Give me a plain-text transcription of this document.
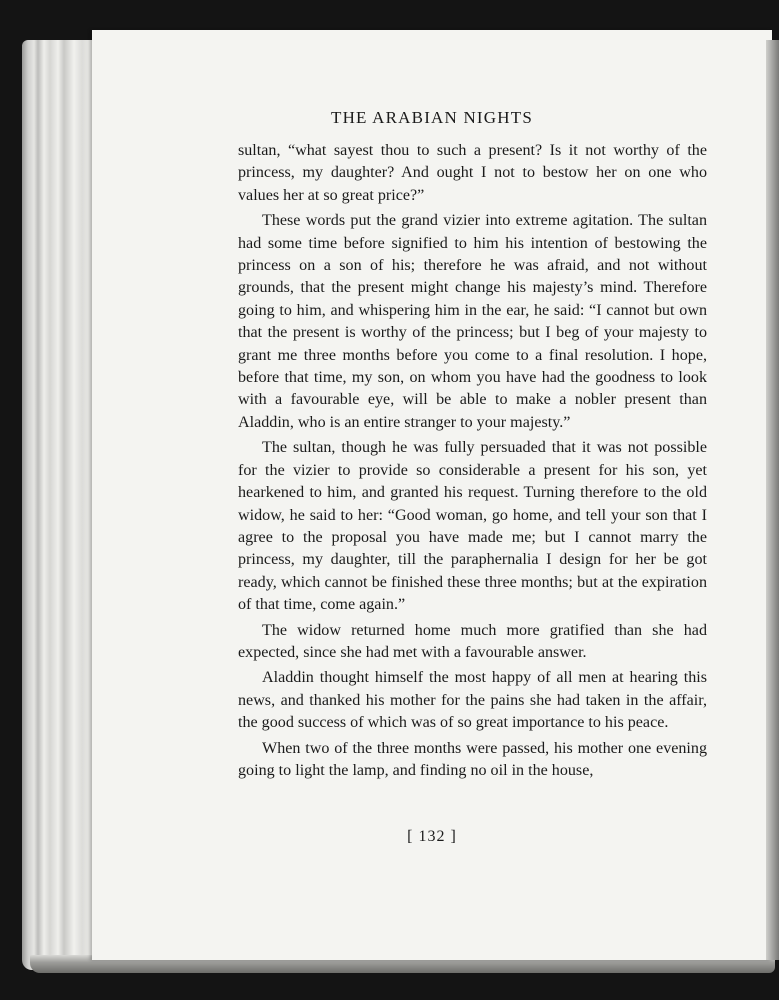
THE ARABIAN NIGHTS

sultan, “what sayest thou to such a present? Is it not worthy of the princess, my daughter? And ought I not to bestow her on one who values her at so great price?”

These words put the grand vizier into extreme agitation. The sultan had some time before signified to him his intention of bestowing the princess on a son of his; therefore he was afraid, and not without grounds, that the present might change his majesty’s mind. Therefore going to him, and whispering him in the ear, he said: “I cannot but own that the present is worthy of the princess; but I beg of your majesty to grant me three months before you come to a final resolution. I hope, before that time, my son, on whom you have had the goodness to look with a favourable eye, will be able to make a nobler present than Aladdin, who is an entire stranger to your majesty.”

The sultan, though he was fully persuaded that it was not possible for the vizier to provide so considerable a present for his son, yet hearkened to him, and granted his request. Turning therefore to the old widow, he said to her: “Good woman, go home, and tell your son that I agree to the proposal you have made me; but I cannot marry the princess, my daughter, till the paraphernalia I design for her be got ready, which cannot be finished these three months; but at the expiration of that time, come again.”

The widow returned home much more gratified than she had expected, since she had met with a favourable answer.

Aladdin thought himself the most happy of all men at hearing this news, and thanked his mother for the pains she had taken in the affair, the good success of which was of so great importance to his peace.

When two of the three months were passed, his mother one evening going to light the lamp, and finding no oil in the house,

[ 132 ]
